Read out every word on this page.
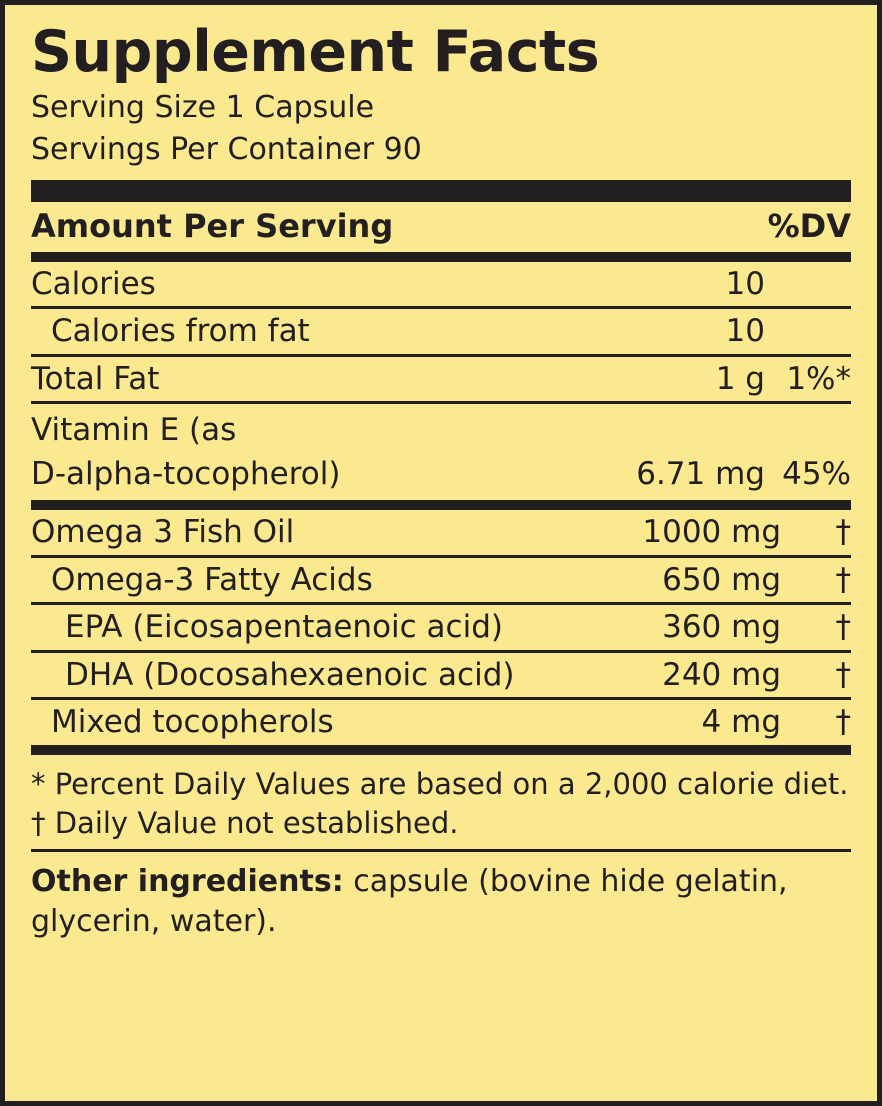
Supplement Facts
Serving Size 1 Capsule
Servings Per Container 90
Amount Per Serving	%DV
Calories	10
Calories from fat	10
Total Fat	1 g 1%*
Vitamin E (as
D-alpha-tocopherol)	6.71 mg 45%
Omega 3 Fish Oil	1000 mg	†
Omega-3 Fatty Acids	650 mg	†
EPA (Eicosapentaenoic acid)	360 mg	†
DHA (Docosahexaenoic acid)	240 mg	†
Mixed tocopherols	4 mg	†

* Percent Daily Values are based on a 2,000 calorie diet.

† Daily Value not established.

Other ingredients: capsule (bovine hide gelatin, glycerin, water).
